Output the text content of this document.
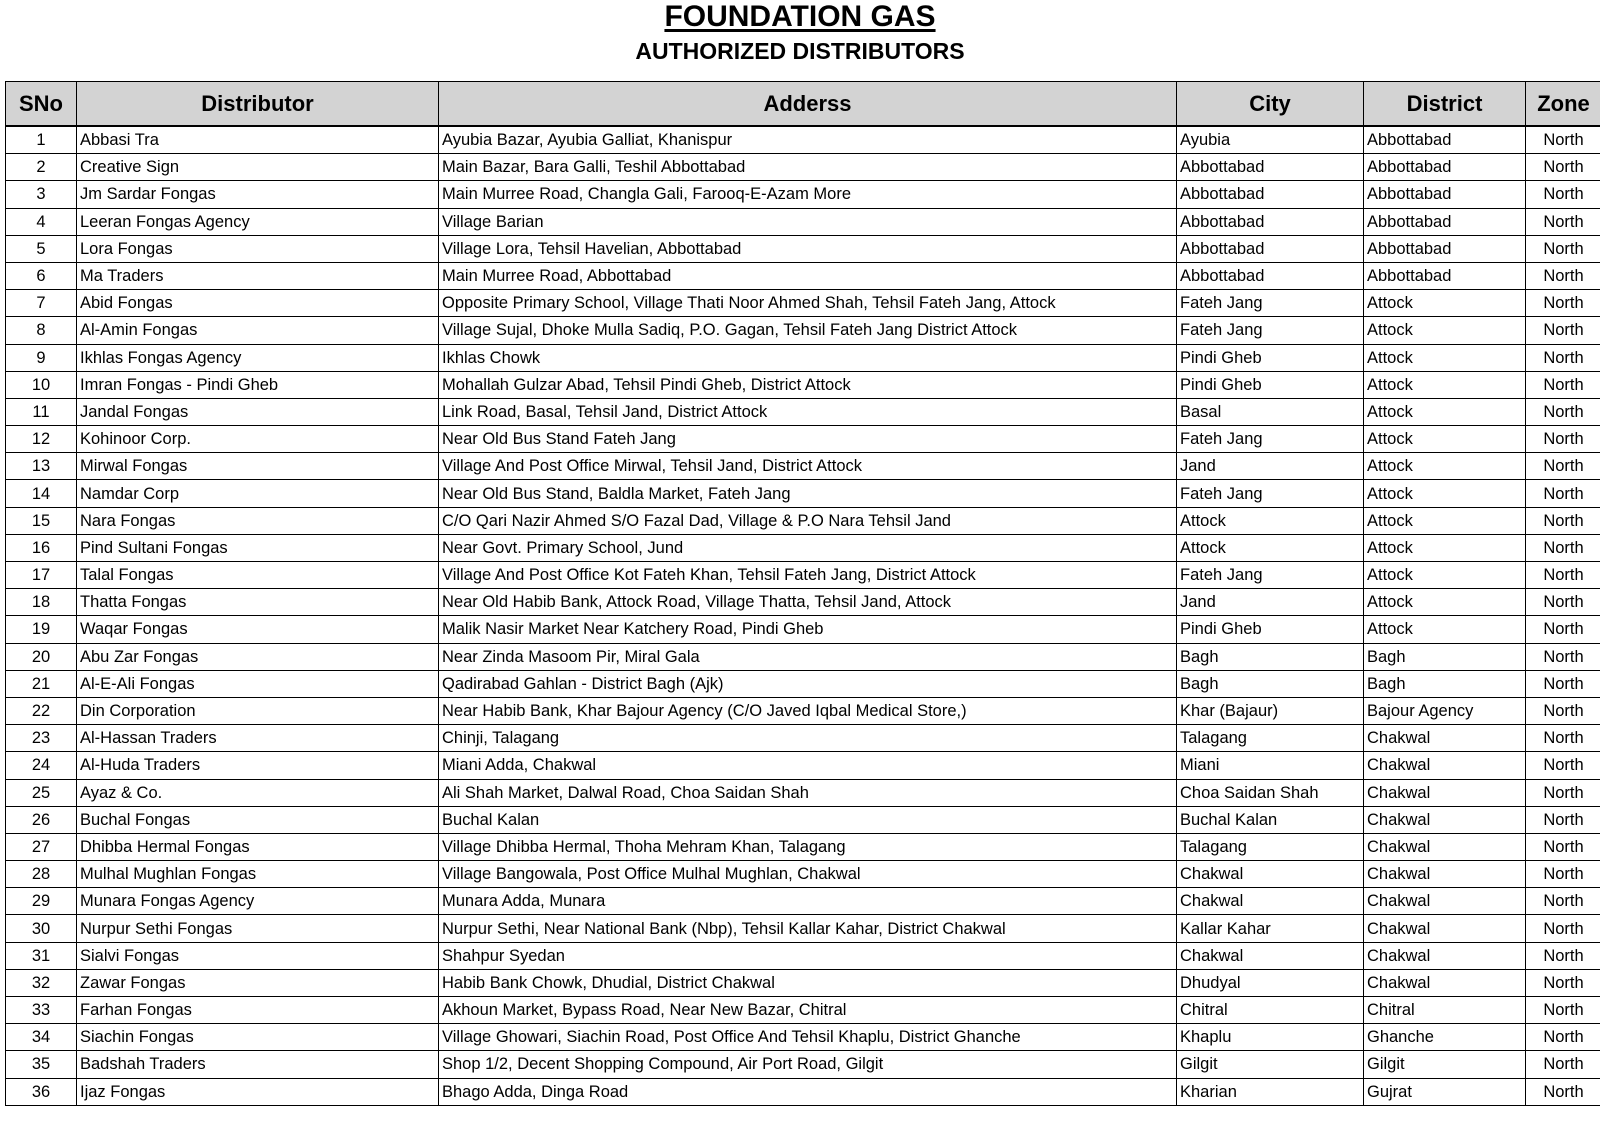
FOUNDATION GAS
AUTHORIZED DISTRIBUTORS
SNo	Distributor	Adderss	City	District	Zone
1	Abbasi Tra	Ayubia Bazar, Ayubia Galliat, Khanispur	Ayubia	Abbottabad	North
2	Creative Sign	Main Bazar, Bara Galli, Teshil Abbottabad	Abbottabad	Abbottabad	North
3	Jm Sardar Fongas	Main Murree Road, Changla Gali, Farooq-E-Azam More	Abbottabad	Abbottabad	North
4	Leeran Fongas Agency	Village Barian	Abbottabad	Abbottabad	North
5	Lora Fongas	Village Lora, Tehsil Havelian, Abbottabad	Abbottabad	Abbottabad	North
6	Ma Traders	Main Murree Road, Abbottabad	Abbottabad	Abbottabad	North
7	Abid Fongas	Opposite Primary School, Village Thati Noor Ahmed Shah, Tehsil Fateh Jang, Attock	Fateh Jang	Attock	North
8	Al-Amin Fongas	Village Sujal, Dhoke Mulla Sadiq, P.O. Gagan, Tehsil Fateh Jang District Attock	Fateh Jang	Attock	North
9	Ikhlas Fongas Agency	Ikhlas Chowk	Pindi Gheb	Attock	North
10	Imran Fongas - Pindi Gheb	Mohallah Gulzar Abad, Tehsil Pindi Gheb, District Attock	Pindi Gheb	Attock	North
11	Jandal Fongas	Link Road, Basal, Tehsil Jand, District Attock	Basal	Attock	North
12	Kohinoor Corp.	Near Old Bus Stand Fateh Jang	Fateh Jang	Attock	North
13	Mirwal Fongas	Village And Post Office Mirwal, Tehsil Jand, District Attock	Jand	Attock	North
14	Namdar Corp	Near Old Bus Stand, Baldla Market, Fateh Jang	Fateh Jang	Attock	North
15	Nara Fongas	C/O Qari Nazir Ahmed S/O Fazal Dad, Village & P.O Nara Tehsil Jand	Attock	Attock	North
16	Pind Sultani Fongas	Near Govt. Primary School, Jund	Attock	Attock	North
17	Talal Fongas	Village And Post Office Kot Fateh Khan, Tehsil Fateh Jang, District Attock	Fateh Jang	Attock	North
18	Thatta Fongas	Near Old Habib Bank, Attock Road, Village Thatta, Tehsil Jand, Attock	Jand	Attock	North
19	Waqar Fongas	Malik Nasir Market Near Katchery Road, Pindi Gheb	Pindi Gheb	Attock	North
20	Abu Zar Fongas	Near Zinda Masoom Pir, Miral Gala	Bagh	Bagh	North
21	Al-E-Ali Fongas	Qadirabad Gahlan - District Bagh (Ajk)	Bagh	Bagh	North
22	Din Corporation	Near Habib Bank, Khar Bajour Agency (C/O Javed Iqbal Medical Store,)	Khar (Bajaur)	Bajour Agency	North
23	Al-Hassan Traders	Chinji, Talagang	Talagang	Chakwal	North
24	Al-Huda Traders	Miani Adda, Chakwal	Miani	Chakwal	North
25	Ayaz & Co.	Ali Shah Market, Dalwal Road, Choa Saidan Shah	Choa Saidan Shah	Chakwal	North
26	Buchal Fongas	Buchal Kalan	Buchal Kalan	Chakwal	North
27	Dhibba Hermal Fongas	Village Dhibba Hermal, Thoha Mehram Khan, Talagang	Talagang	Chakwal	North
28	Mulhal Mughlan Fongas	Village Bangowala, Post Office Mulhal Mughlan, Chakwal	Chakwal	Chakwal	North
29	Munara Fongas Agency	Munara Adda, Munara	Chakwal	Chakwal	North
30	Nurpur Sethi Fongas	Nurpur Sethi, Near National Bank (Nbp), Tehsil Kallar Kahar, District Chakwal	Kallar Kahar	Chakwal	North
31	Sialvi Fongas	Shahpur Syedan	Chakwal	Chakwal	North
32	Zawar Fongas	Habib Bank Chowk, Dhudial, District Chakwal	Dhudyal	Chakwal	North
33	Farhan Fongas	Akhoun Market, Bypass Road, Near New Bazar, Chitral	Chitral	Chitral	North
34	Siachin Fongas	Village Ghowari, Siachin Road, Post Office And Tehsil Khaplu, District Ghanche	Khaplu	Ghanche	North
35	Badshah Traders	Shop 1/2, Decent Shopping Compound, Air Port Road, Gilgit	Gilgit	Gilgit	North
36	Ijaz Fongas	Bhago Adda, Dinga Road	Kharian	Gujrat	North
